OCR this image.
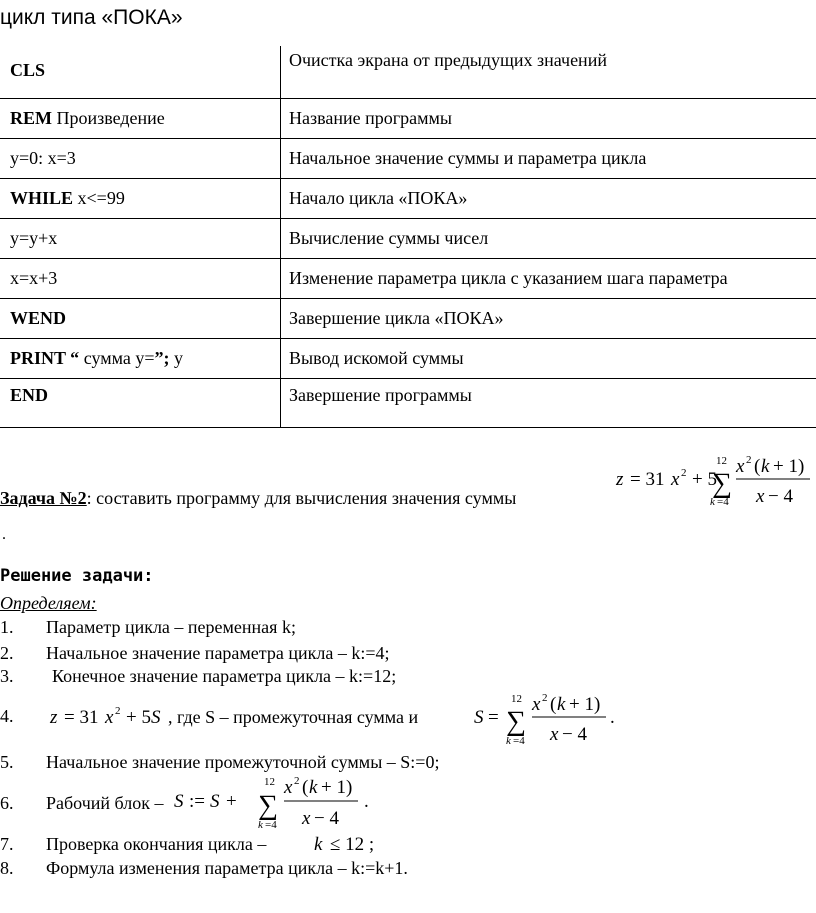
цикл типа «ПОКА»
CLS	Очистка экрана от предыдущих значений
REM Произведение	Название программы
у=0: х=3	Начальное значение суммы и параметра цикла
WHILE x<=99	Начало цикла «ПОКА»
у=у+х	Вычисление суммы чисел
х=х+3	Изменение параметра цикла с указанием шага параметра
WEND	Завершение цикла «ПОКА»
PRINT “ сумма у=”; у	Вывод искомой суммы
END	Завершение программы
Задача №2: составить программу для вычисления значения суммы
z = 31 x 2 + 5
12
∑
k =4
x 2 ( k + 1)
x − 4
.
Решение задачи:
Определяем:
1. Параметр цикла – переменная k;
2. Начальное значение параметра цикла – k:=4;
3. Конечное значение параметра цикла – k:=12;
4. z = 31 x 2 + 5 S , где S – промежуточная сумма и	S =
12
∑
k =4
x 2 ( k + 1)
x − 4
.
5. Начальное значение промежуточной суммы – S:=0;
6. Рабочий блок – S := S +
12
∑
k =4
x 2 ( k + 1)
x − 4
.
7. Проверка окончания цикла –	k ≤ 12 ;
8. Формула изменения параметра цикла – k:=k+1.
